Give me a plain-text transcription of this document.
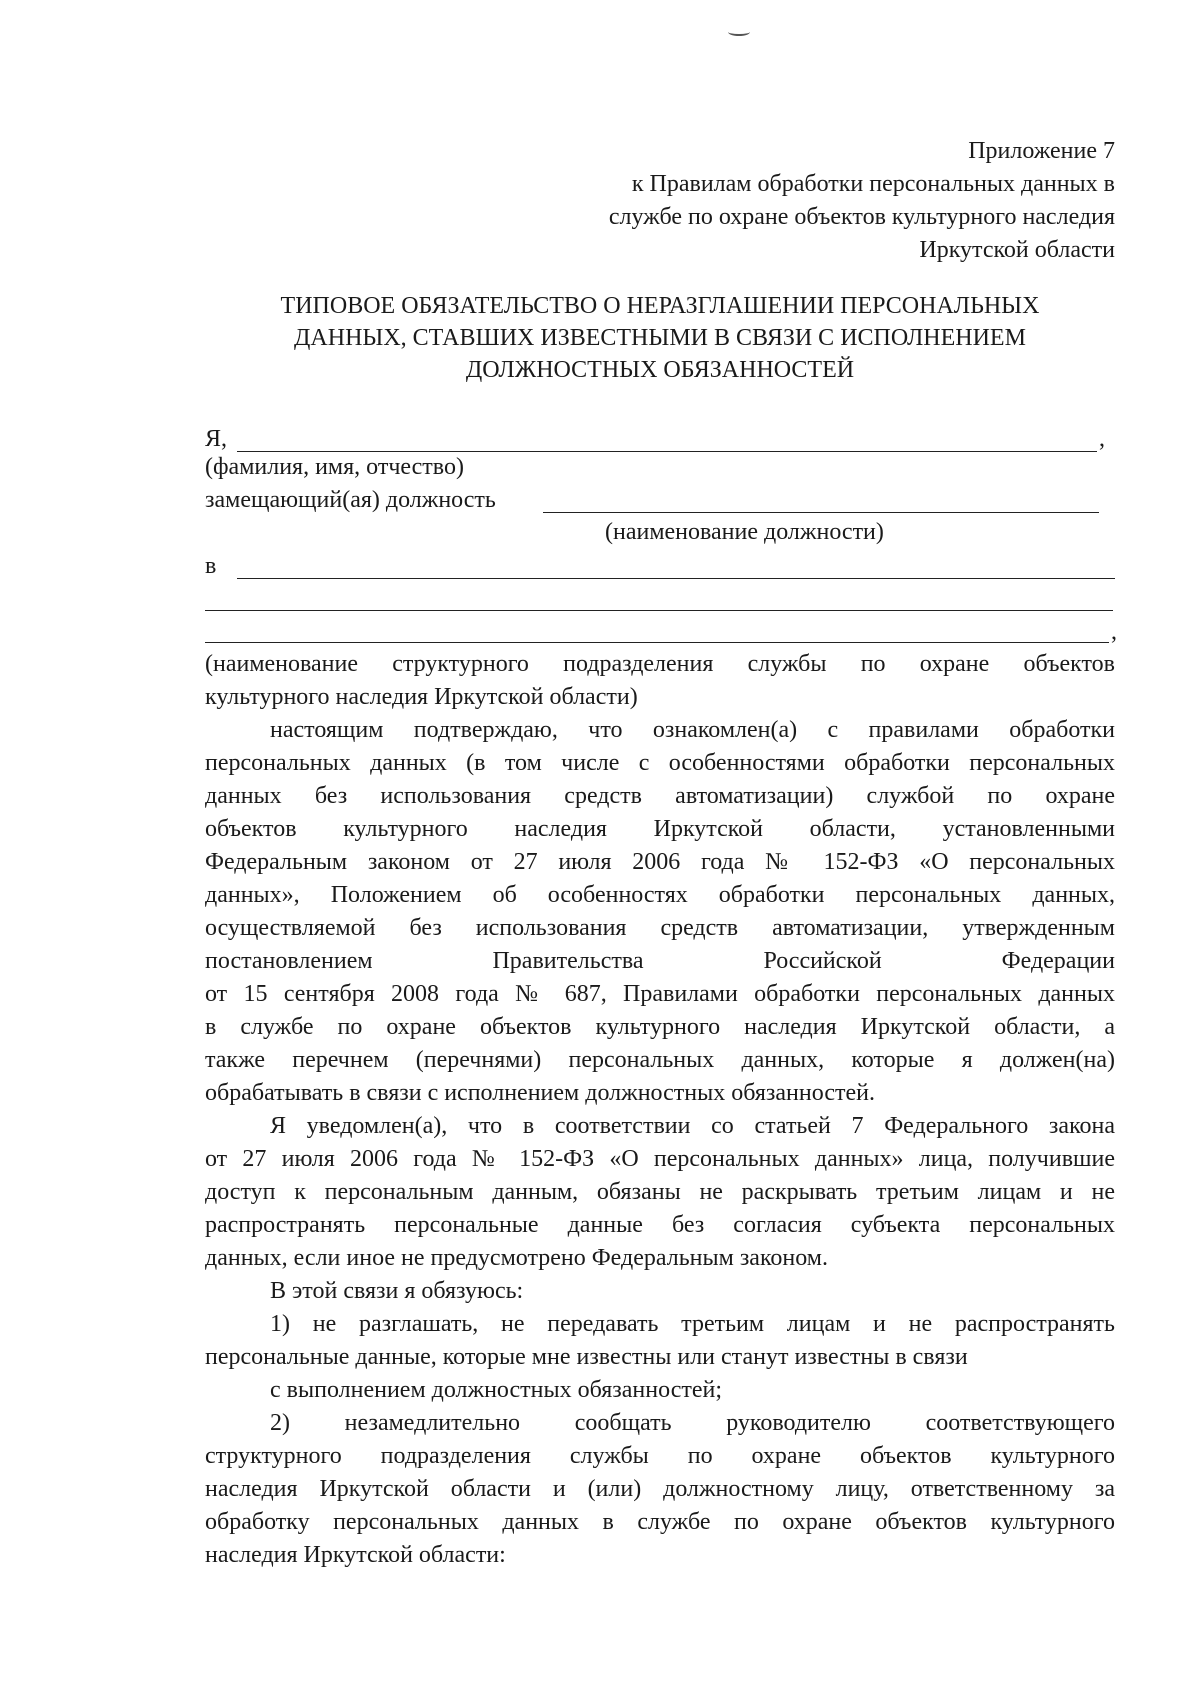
Приложение 7
к Правилам обработки персональных данных в
службе по охране объектов культурного наследия
Иркутской области
ТИПОВОЕ ОБЯЗАТЕЛЬСТВО О НЕРАЗГЛАШЕНИИ ПЕРСОНАЛЬНЫХ
ДАННЫХ, СТАВШИХ ИЗВЕСТНЫМИ В СВЯЗИ С ИСПОЛНЕНИЕМ
ДОЛЖНОСТНЫХ ОБЯЗАННОСТЕЙ
Я,	,
(фамилия, имя, отчество)
замещающий(ая) должность
(наименование должности)
в
,
(наименование структурного подразделения службы по охране объектов
культурного наследия Иркутской области)
настоящим подтверждаю, что ознакомлен(а) с правилами обработки
персональных данных (в том числе с особенностями обработки персональных
данных без использования средств автоматизации) службой по охране
объектов культурного наследия Иркутской области, установленными
Федеральным законом от 27 июля 2006 года № 152-ФЗ «О персональных
данных», Положением об особенностях обработки персональных данных,
осуществляемой без использования средств автоматизации, утвержденным
постановлением Правительства Российской Федерации
от 15 сентября 2008 года № 687, Правилами обработки персональных данных
в службе по охране объектов культурного наследия Иркутской области, а
также перечнем (перечнями) персональных данных, которые я должен(на)
обрабатывать в связи с исполнением должностных обязанностей.
Я уведомлен(а), что в соответствии со статьей 7 Федерального закона
от 27 июля 2006 года № 152-ФЗ «О персональных данных» лица, получившие
доступ к персональным данным, обязаны не раскрывать третьим лицам и не
распространять персональные данные без согласия субъекта персональных
данных, если иное не предусмотрено Федеральным законом.
В этой связи я обязуюсь:
1) не разглашать, не передавать третьим лицам и не распространять
персональные данные, которые мне известны или станут известны в связи
с выполнением должностных обязанностей;
2) незамедлительно сообщать руководителю соответствующего
структурного подразделения службы по охране объектов культурного
наследия Иркутской области и (или) должностному лицу, ответственному за
обработку персональных данных в службе по охране объектов культурного
наследия Иркутской области:
